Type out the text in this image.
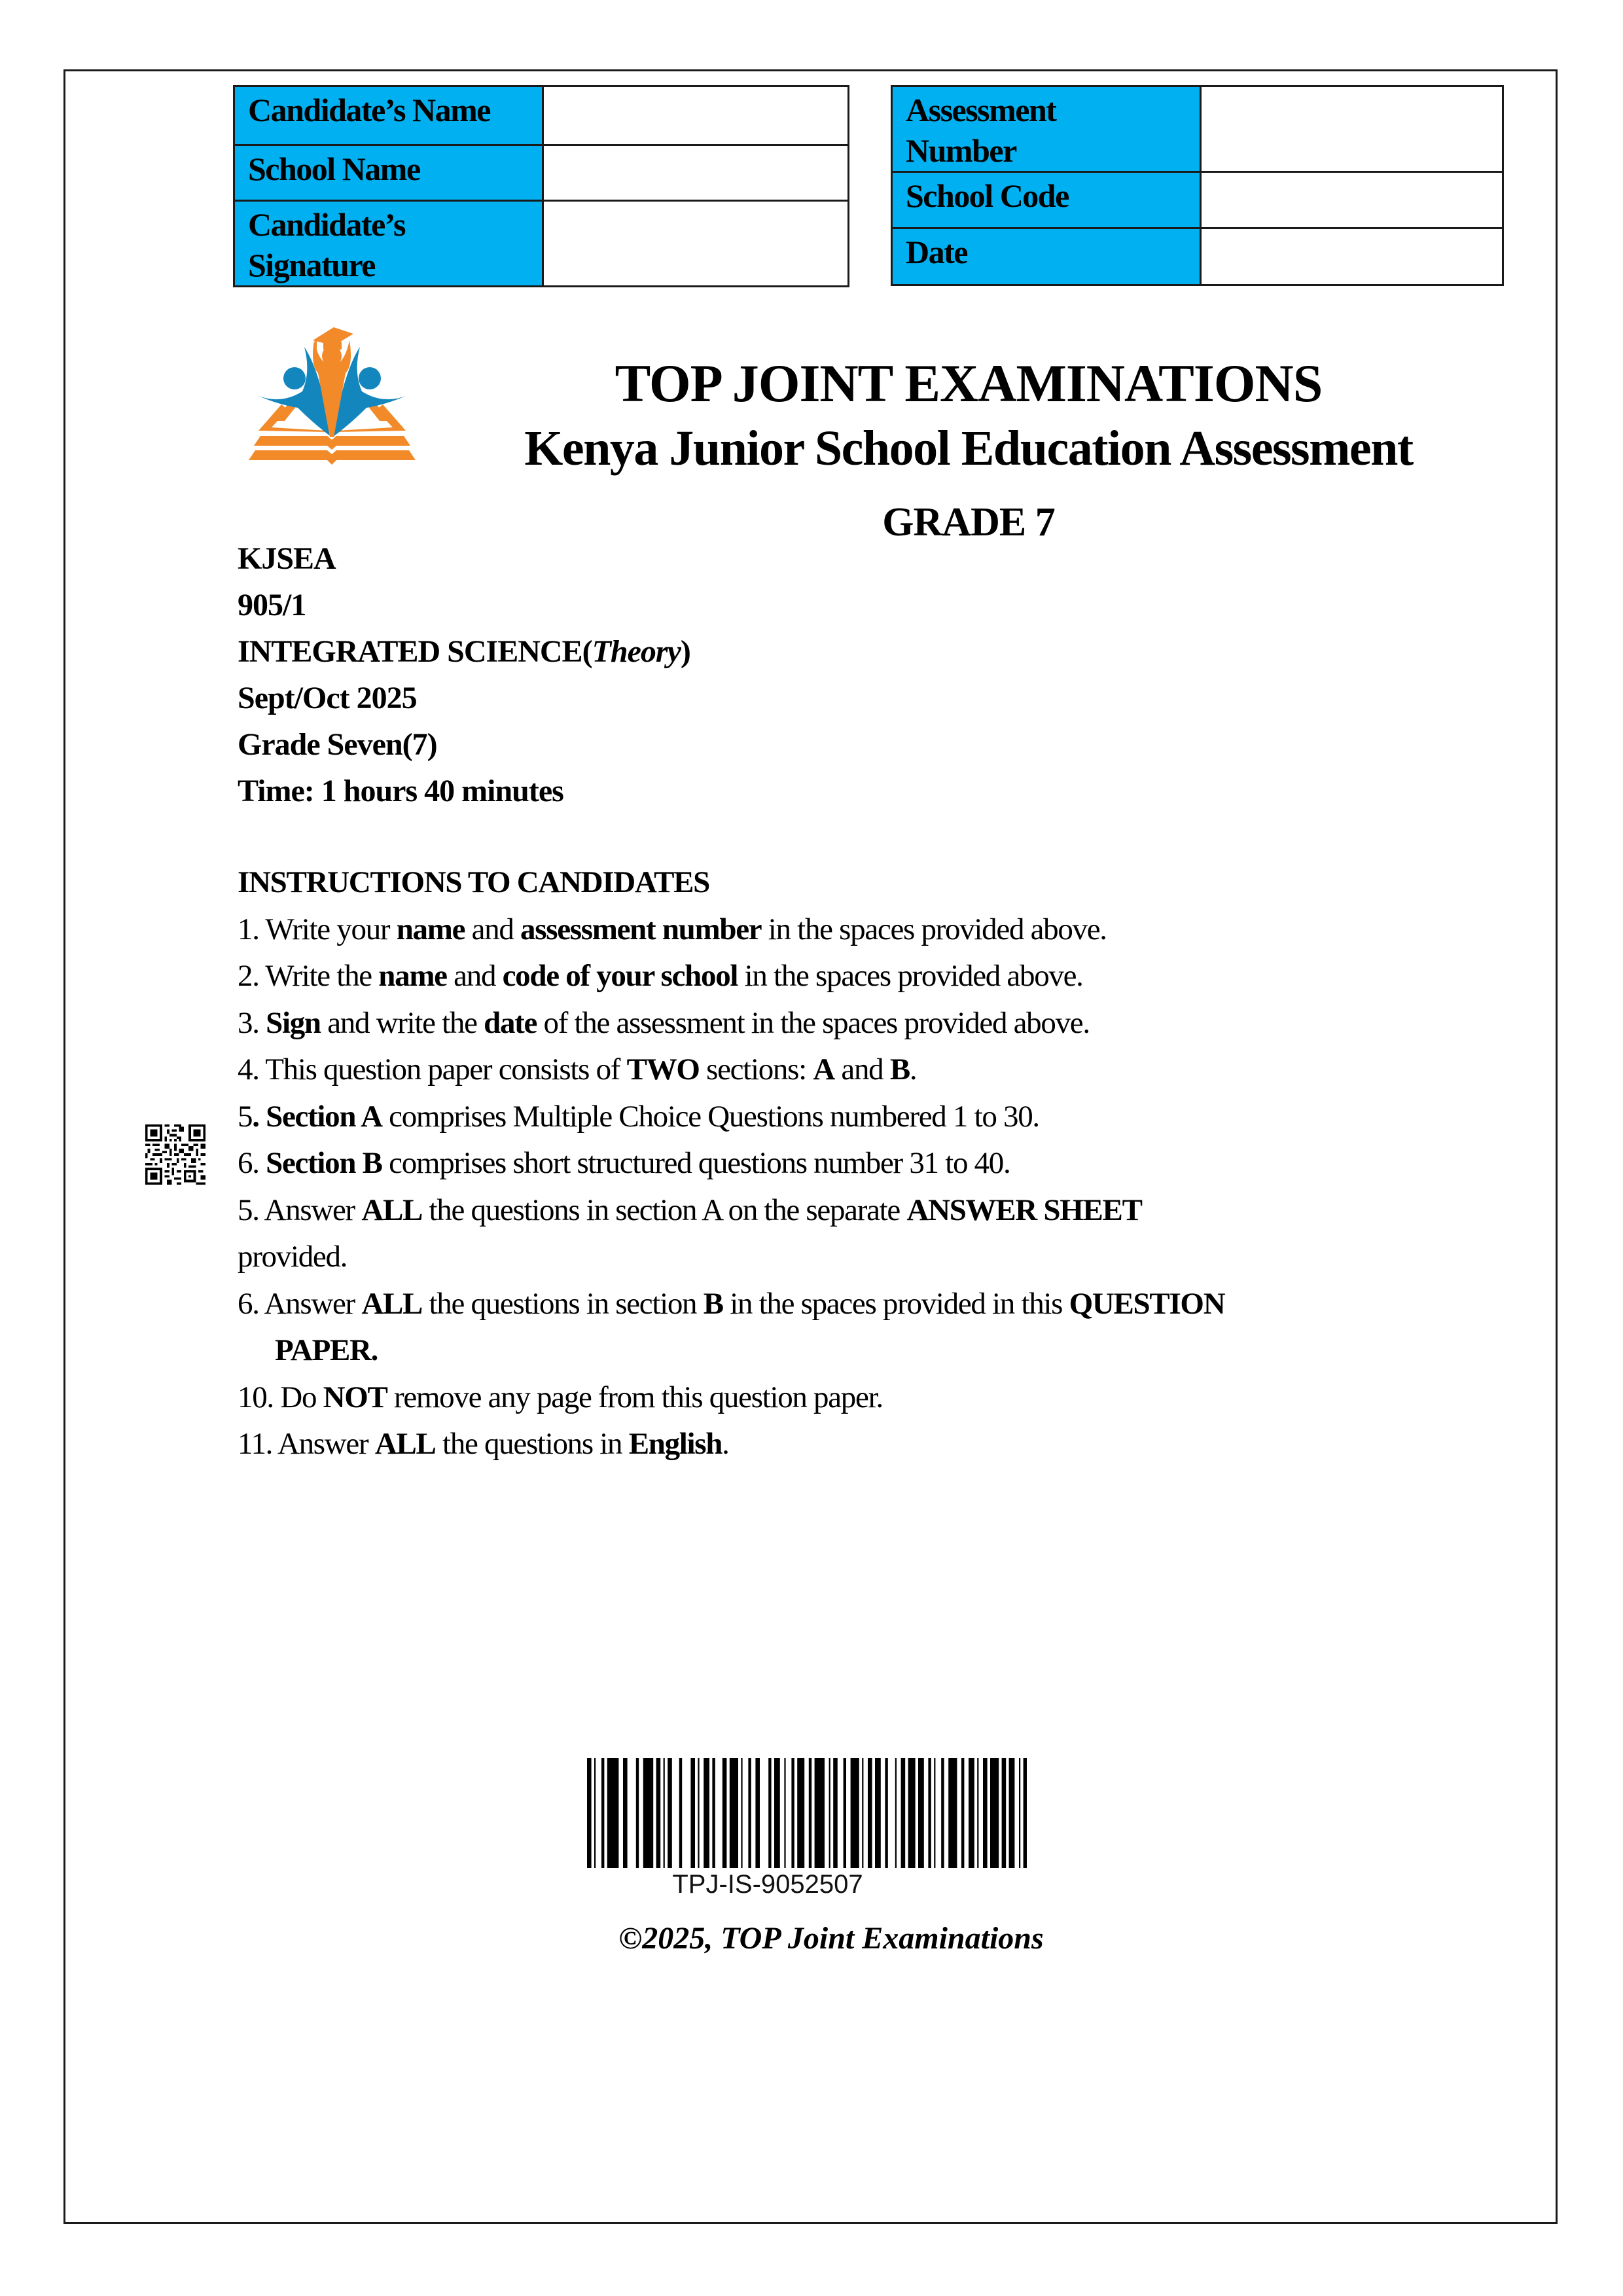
Candidate’s Name	
School Name	

Candidate’s
Signature	

Assessment
Number	

School Code	
Date	
TOP JOINT EXAMINATIONS
Kenya Junior School Education Assessment
GRADE 7
KJSEA
905/1
INTEGRATED SCIENCE(Theory)
Sept/Oct 2025
Grade Seven(7)
Time: 1 hours 40 minutes
INSTRUCTIONS TO CANDIDATES
1. Write your name and assessment number in the spaces provided above.
2. Write the name and code of your school in the spaces provided above.
3. Sign and write the date of the assessment in the spaces provided above.
4. This question paper consists of TWO sections: A and B.
5. Section A comprises Multiple Choice Questions numbered 1 to 30.
6. Section B comprises short structured questions number 31 to 40.
5. Answer ALL the questions in section A on the separate ANSWER SHEET
provided.
6. Answer ALL the questions in section B in the spaces provided in this QUESTION
PAPER.
10. Do NOT remove any page from this question paper.
11. Answer ALL the questions in English.
TPJ-IS-9052507
©2025, TOP Joint Examinations
